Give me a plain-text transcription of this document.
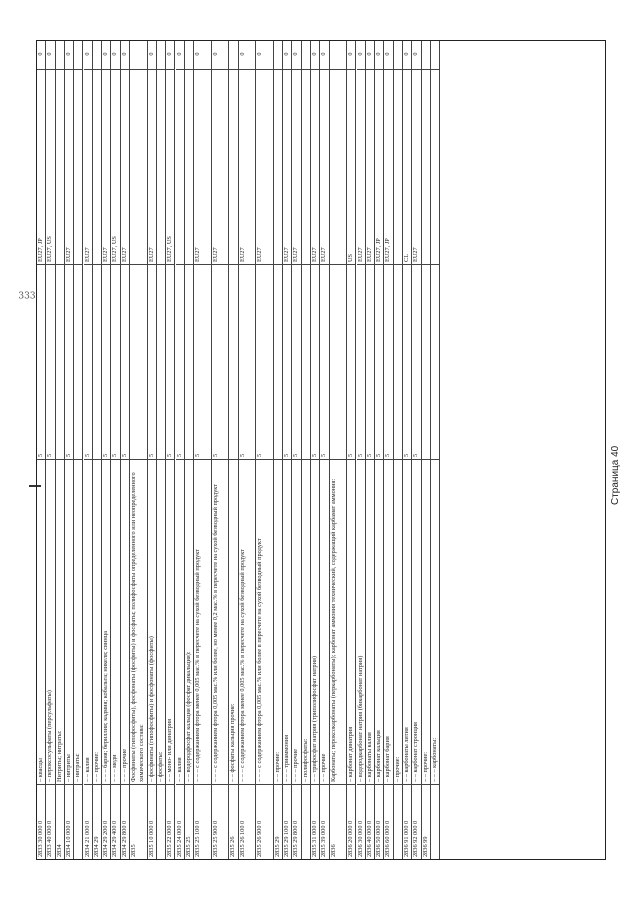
333
2833 30 000 0
– квасцы
5
EU27, JP
0
2833 40 000 0
– пероксосульфаты (персульфаты)
5
EU27, US
0
2834
Нитриты; нитраты:
2834 10 000 0
– нитриты
5
EU27
0
– нитраты:
2834 21 000 0
– – калия
5
EU27
0
2834 29
– – прочие:
2834 29 200 0
– – – бария; бериллия; кадмия; кобальта; никеля; свинца
5
EU27
0
2834 29 400 0
– – – меди
5
EU27, US
0
2834 29 800 0
– – – прочие
5
EU27
0
2835
Фосфинаты (гипофосфиты), фосфонаты (фосфиты) и фосфаты; полифосфаты определенного или неопределенного химического состава:
2835 10 000 0
– фосфинаты (гипофосфиты) и фосфонаты (фосфиты)
5
EU27
0
– фосфаты:
2835 22 000 0
– – моно- или динатрия
5
EU27, US
0
2835 24 000 0
– – калия
5
0
2835 25
– – водородфосфат кальция (фосфат дикальция):
2835 25 100 0
– – – с содержанием фтора менее 0,005 мас.% в пересчете на сухой безводный продукт
5
EU27
0
2835 25 900 0
– – – с содержанием фтора 0,005 мас.% или более, но менее 0,2 мас.% в пересчете на сухой безводный продукт
5
EU27
0
2835 26
– – фосфаты кальция прочие:
2835 26 100 0
– – – с содержанием фтора менее 0,005 мас.% в пересчете на сухой безводный продукт
5
EU27
0
2835 26 900 0
– – – с содержанием фтора 0,005 мас.% или более в пересчете на сухой безводный продукт
5
EU27
0
2835 29
– – прочие:
2835 29 100 0
– – – триаммония
5
EU27
0
2835 29 800 0
– – – прочие
5
EU27
0
– полифосфаты:
2835 31 000 0
– – трифосфат натрия (триполифосфат натрия)
5
EU27
0
2835 39 000 0
– – прочие
5
EU27
0
2836
Карбонаты; пероксокарбонаты (перкарбонаты); карбонат аммония технический, содержащий карбамат аммония:
2836 20 000 0
– карбонат динатрия
5
US
0
2836 30 000 0
– водородкарбонат натрия (бикарбонат натрия)
5
EU27
0
2836 40 000 0
– карбонаты калия
5
EU27
0
2836 50 000 0
– карбонат кальция
5
EU27, JP
0
2836 60 000 0
– карбонат бария
5
EU27, JP
0
– прочие:
2836 91 000 0
– – карбонаты лития
5
CL
0
2836 92 000 0
– – карбонат стронция
5
EU27
0
2836 99
– – прочие: – – – карбонаты:
Страница 40
